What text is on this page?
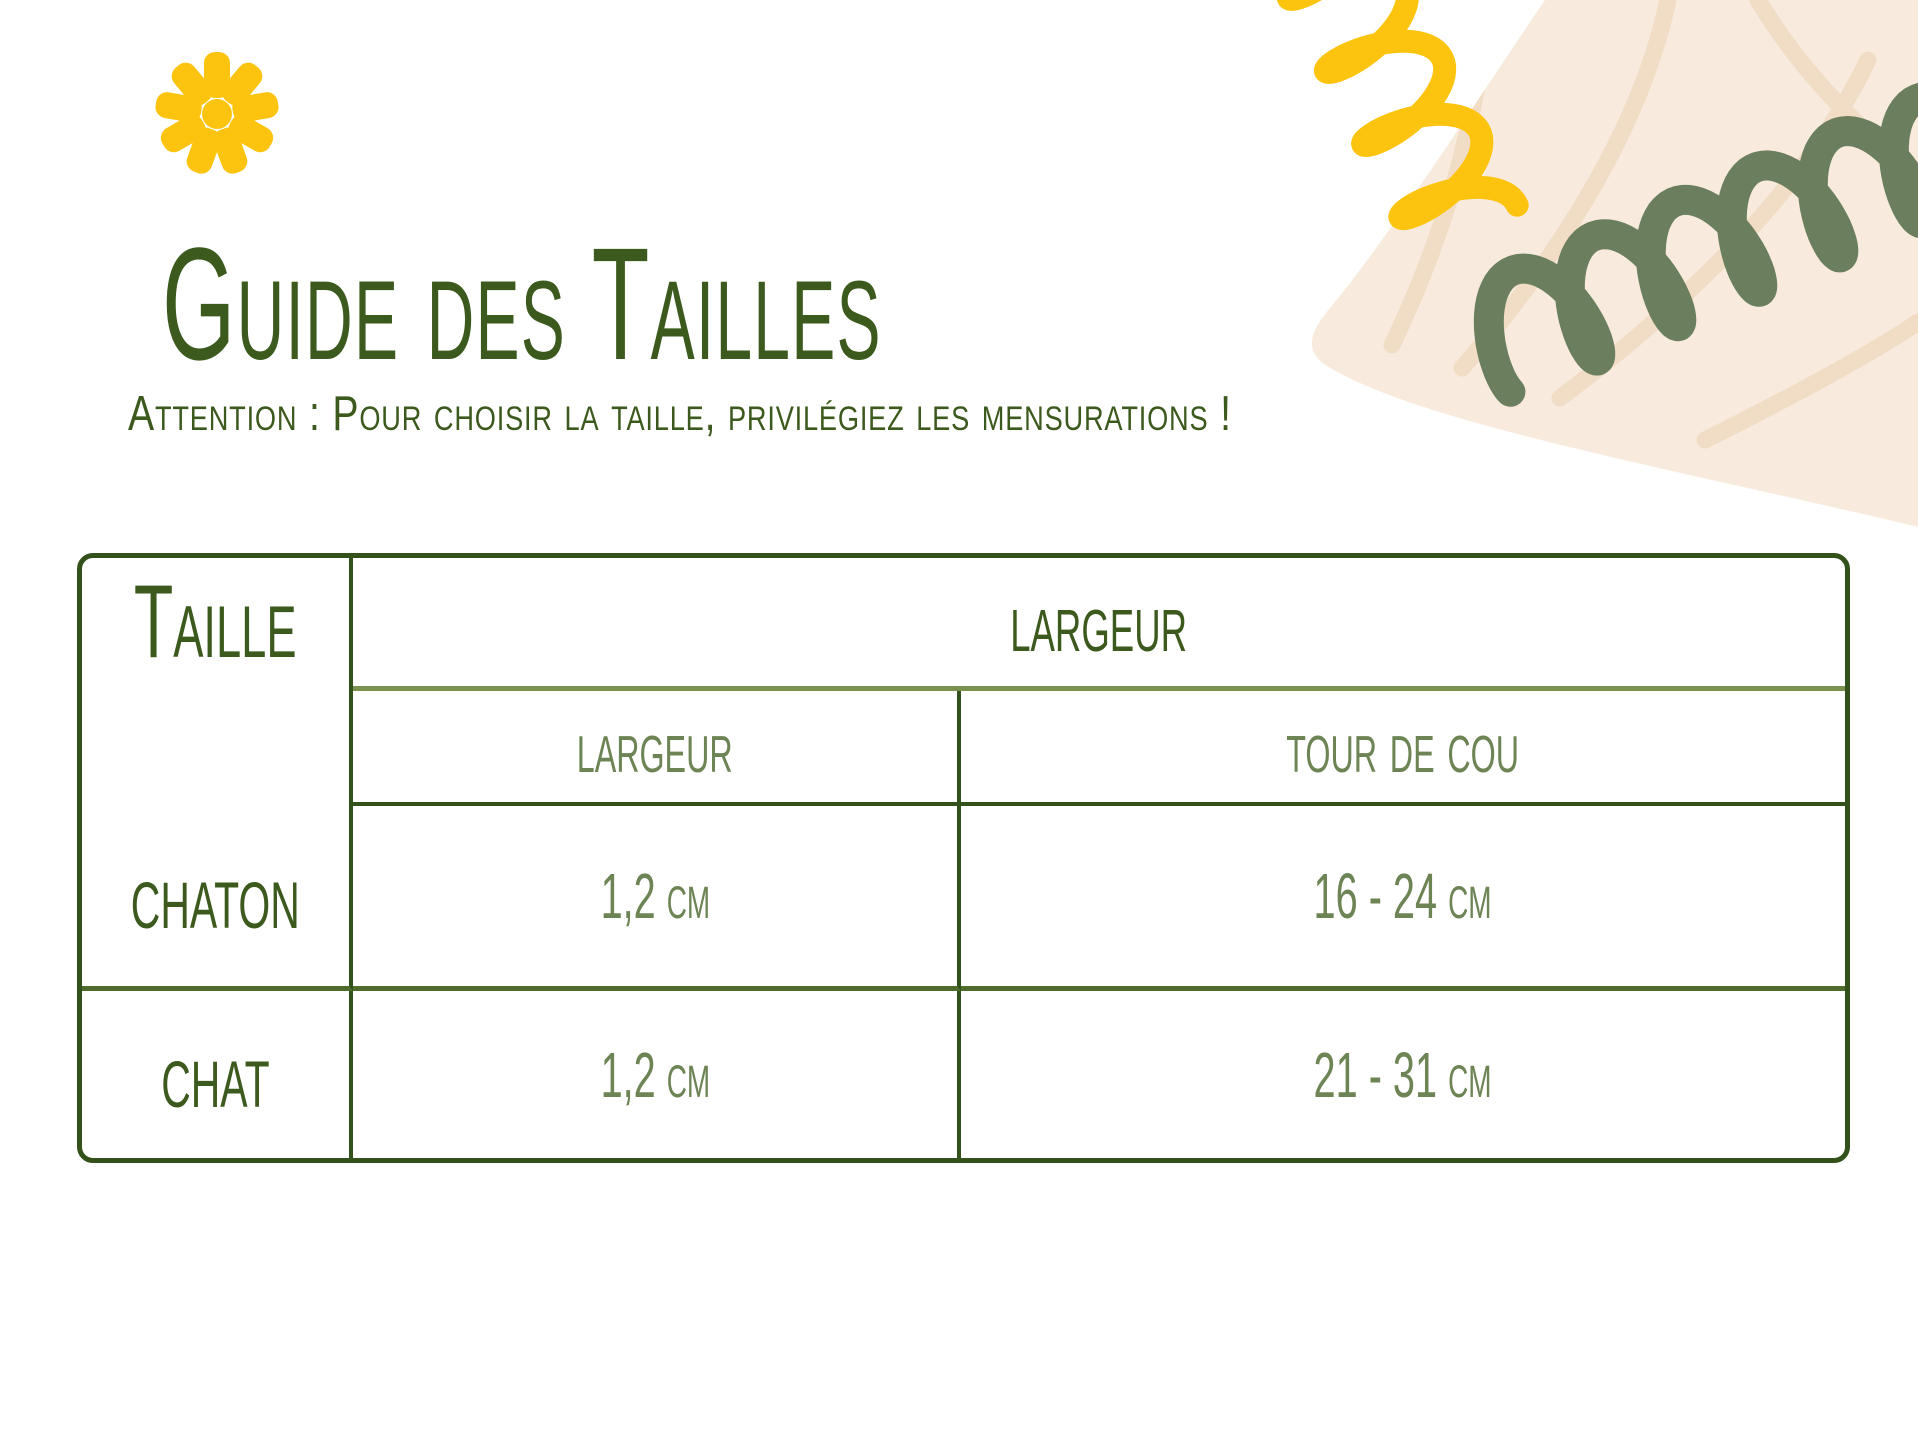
Guide des Tailles

Attention : Pour choisir la taille, privilégiez les mensurations !

Taille	largeur
largeur	tour de cou
chaton	1,2 cm	16 - 24 cm
chat	1,2 cm	21 - 31 cm
